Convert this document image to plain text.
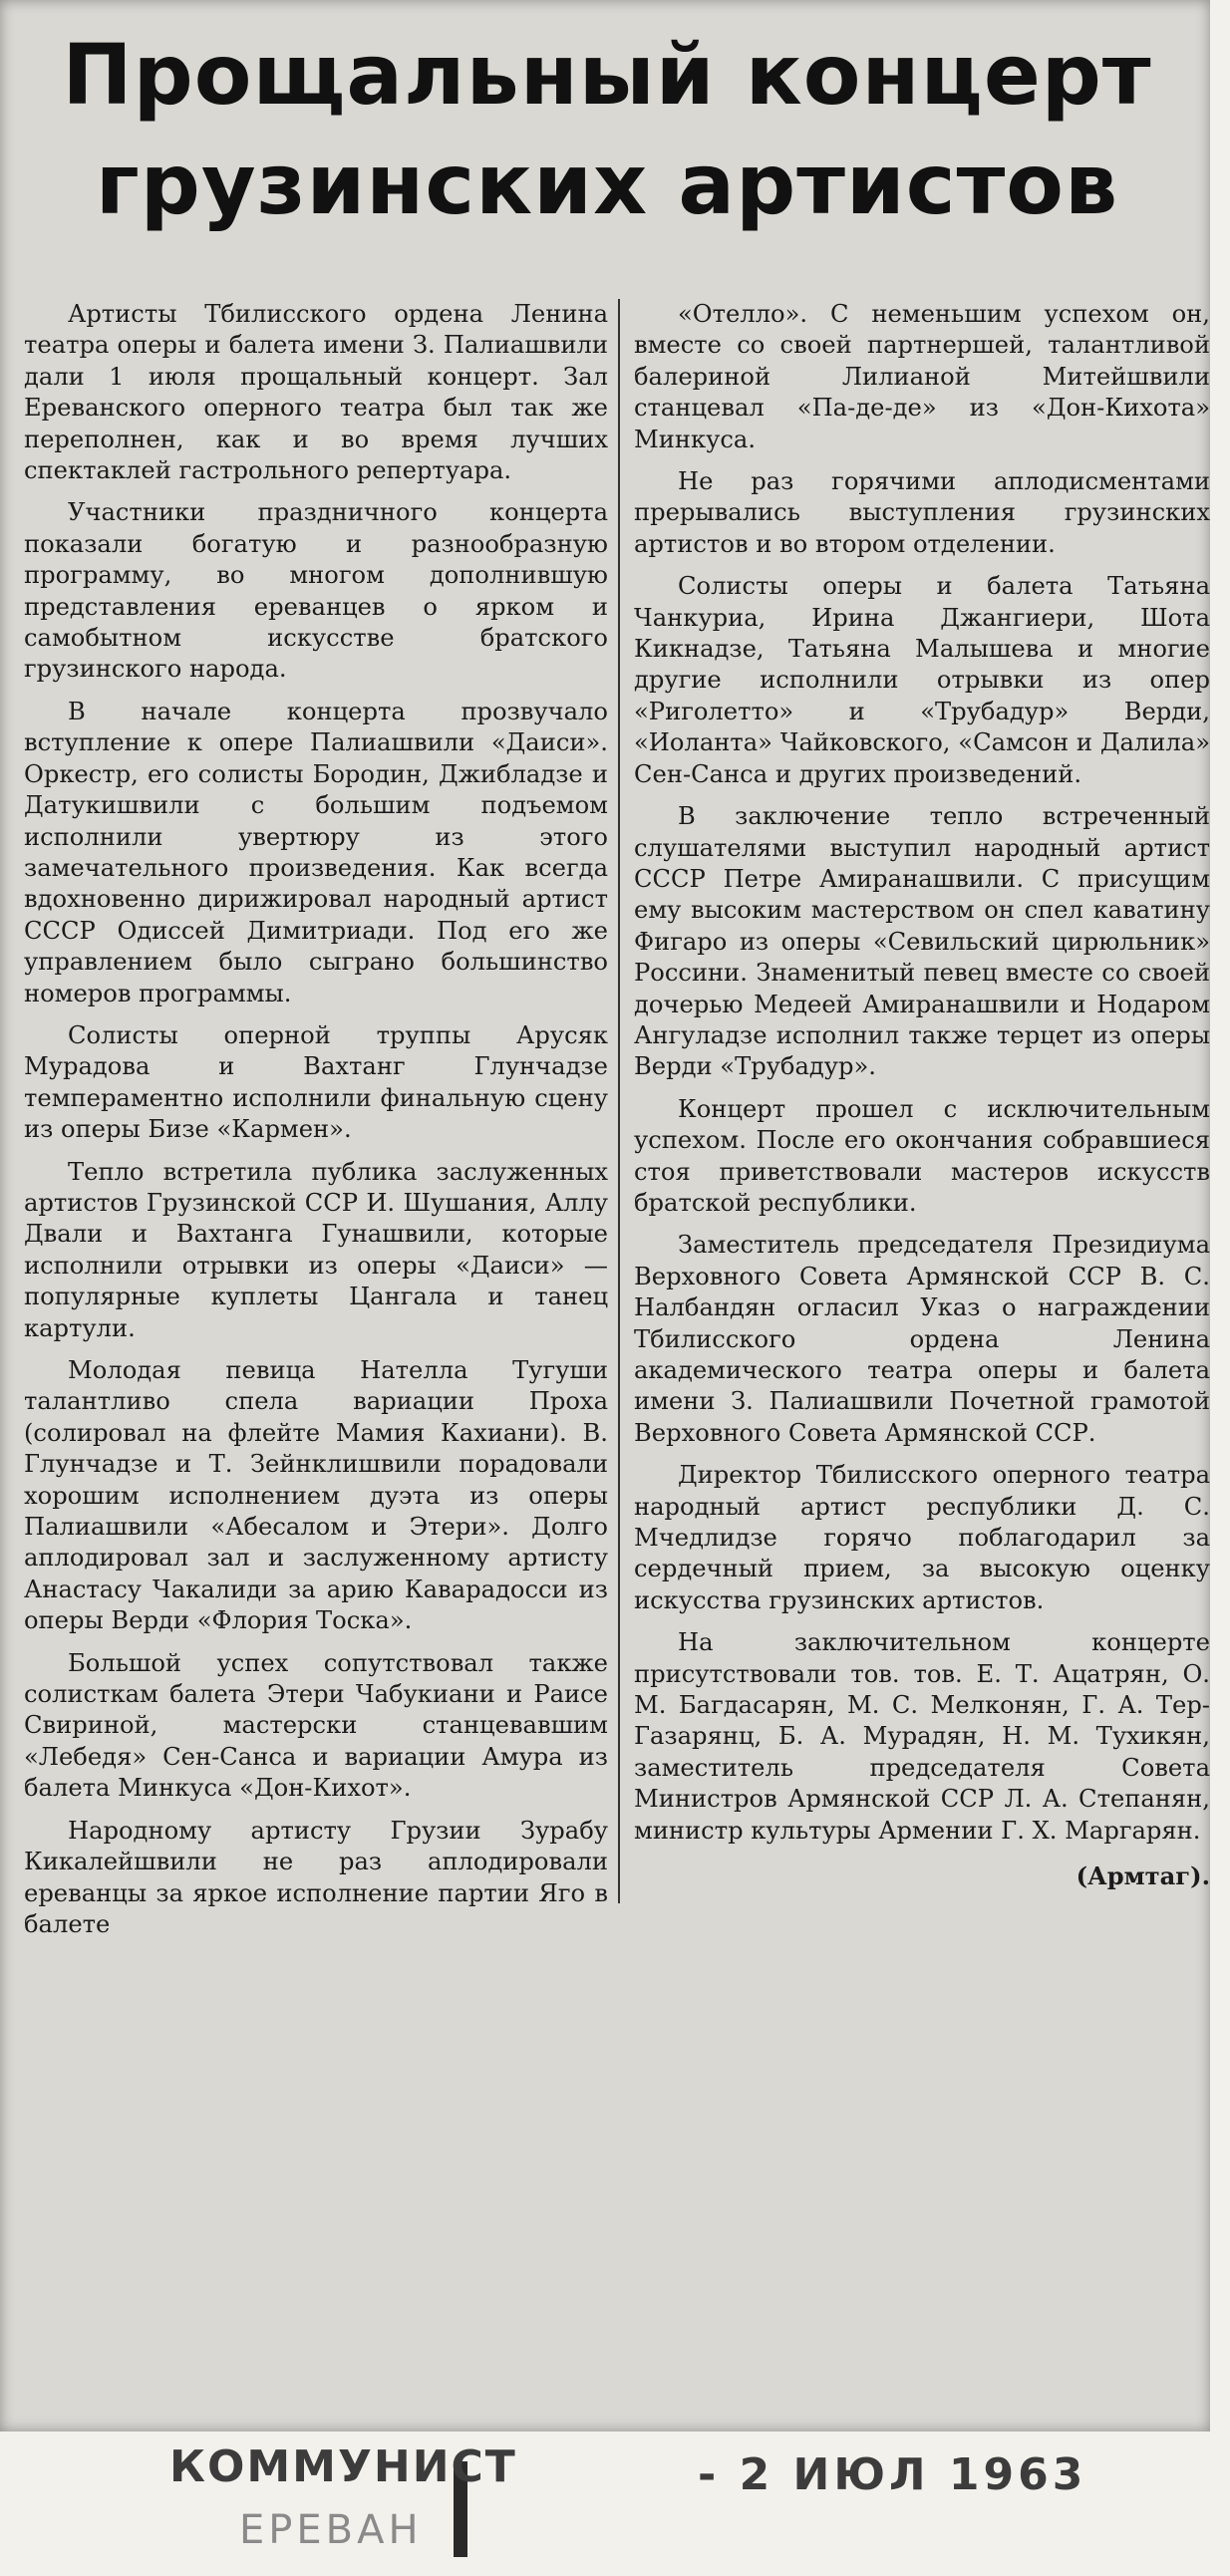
Прощальный концерт
грузинских артистов

Артисты Тбилисского ордена Ленина театра оперы и балета имени З. Палиашвили дали 1 июля прощальный концерт. Зал Ереванского оперного театра был так же переполнен, как и во время лучших спектаклей гастрольного репертуара.

Участники праздничного концерта показали богатую и разнообразную программу, во многом дополнившую представления ереванцев о ярком и самобытном искусстве братского грузинского народа.

В начале концерта прозвучало вступление к опере Палиашвили «Даиси». Оркестр, его солисты Бородин, Джибладзе и Датукишвили с большим подъемом исполнили увертюру из этого замечательного произведения. Как всегда вдохновенно дирижировал народный артист СССР Одиссей Димитриади. Под его же управлением было сыграно большинство номеров программы.

Солисты оперной труппы Арусяк Мурадова и Вахтанг Глунчадзе темпераментно исполнили финальную сцену из оперы Бизе «Кармен».

Тепло встретила публика заслуженных артистов Грузинской ССР И. Шушания, Аллу Двали и Вахтанга Гунашвили, которые исполнили отрывки из оперы «Даиси» — популярные куплеты Цангала и танец картули.

Молодая певица Нателла Тугуши талантливо спела вариации Проха (солировал на флейте Мамия Кахиани). В. Глунчадзе и Т. Зейнклишвили порадовали хорошим исполнением дуэта из оперы Палиашвили «Абесалом и Этери». Долго аплодировал зал и заслуженному артисту Анастасу Чакалиди за арию Каварадосси из оперы Верди «Флория Тоска».

Большой успех сопутствовал также солисткам балета Этери Чабукиани и Раисе Свириной, мастерски станцевавшим «Лебедя» Сен-Санса и вариации Амура из балета Минкуса «Дон-Кихот».

Народному артисту Грузии Зурабу Кикалейшвили не раз аплодировали ереванцы за яркое исполнение партии Яго в балете

«Отелло». С неменьшим успехом он, вместе со своей партнершей, талантливой балериной Лилианой Митейшвили станцевал «Па-де-де» из «Дон-Кихота» Минкуса.

Не раз горячими аплодисментами прерывались выступления грузинских артистов и во втором отделении.

Солисты оперы и балета Татьяна Чанкуриа, Ирина Джангиери, Шота Кикнадзе, Татьяна Малышева и многие другие исполнили отрывки из опер «Риголетто» и «Трубадур» Верди, «Иоланта» Чайковского, «Самсон и Далила» Сен-Санса и других произведений.

В заключение тепло встреченный слушателями выступил народный артист СССР Петре Амиранашвили. С присущим ему высоким мастерством он спел каватину Фигаро из оперы «Севильский цирюльник» Россини. Знаменитый певец вместе со своей дочерью Медеей Амиранашвили и Нодаром Ангуладзе исполнил также терцет из оперы Верди «Трубадур».

Концерт прошел с исключительным успехом. После его окончания собравшиеся стоя приветствовали мастеров искусств братской республики.

Заместитель председателя Президиума Верховного Совета Армянской ССР В. С. Налбандян огласил Указ о награждении Тбилисского ордена Ленина академического театра оперы и балета имени З. Палиашвили Почетной грамотой Верховного Совета Армянской ССР.

Директор Тбилисского оперного театра народный артист республики Д. С. Мчедлидзе горячо поблагодарил за сердечный прием, за высокую оценку искусства грузинских артистов.

На заключительном концерте присутствовали тов. тов. Е. Т. Ацатрян, О. М. Багдасарян, М. С. Мелконян, Г. А. Тер-Газарянц, Б. А. Мурадян, Н. М. Тухикян, заместитель председателя Совета Министров Армянской ССР Л. А. Степанян, министр культуры Армении Г. Х. Маргарян.

(Армтаг).

КОММУНИСТ
ЕРЕВАН
- 2 ИЮЛ 1963
